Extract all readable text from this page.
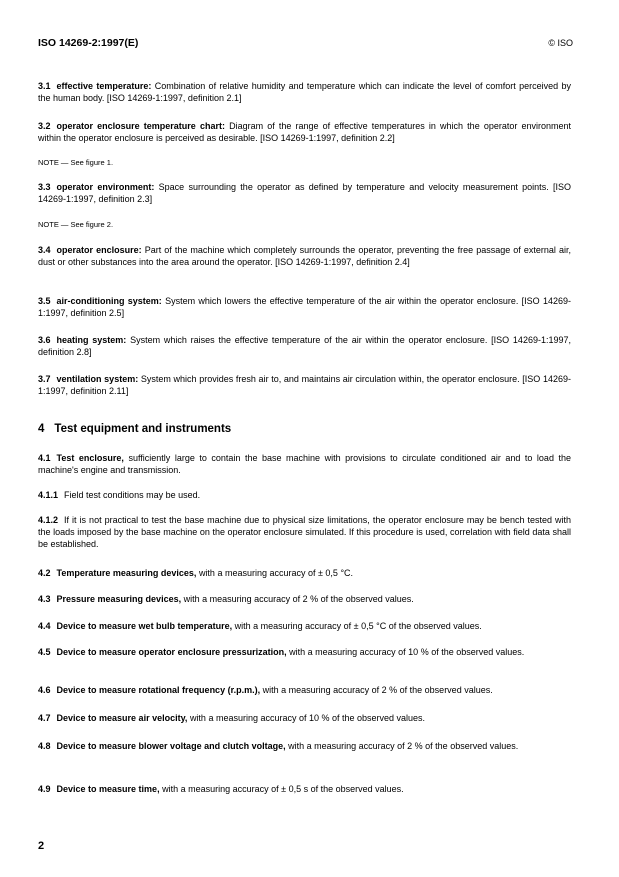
ISO 14269-2:1997(E)	© ISO
3.1 effective temperature: Combination of relative humidity and temperature which can indicate the level of comfort perceived by the human body. [ISO 14269-1:1997, definition 2.1]
3.2 operator enclosure temperature chart: Diagram of the range of effective temperatures in which the operator environment within the operator enclosure is perceived as desirable. [ISO 14269-1:1997, definition 2.2]
NOTE — See figure 1.
3.3 operator environment: Space surrounding the operator as defined by temperature and velocity measurement points. [ISO 14269-1:1997, definition 2.3]
NOTE — See figure 2.
3.4 operator enclosure: Part of the machine which completely surrounds the operator, preventing the free passage of external air, dust or other substances into the area around the operator. [ISO 14269-1:1997, definition 2.4]
3.5 air-conditioning system: System which lowers the effective temperature of the air within the operator enclosure. [ISO 14269-1:1997, definition 2.5]
3.6 heating system: System which raises the effective temperature of the air within the operator enclosure. [ISO 14269-1:1997, definition 2.8]
3.7 ventilation system: System which provides fresh air to, and maintains air circulation within, the operator enclosure. [ISO 14269-1:1997, definition 2.11]
4 Test equipment and instruments
4.1 Test enclosure, sufficiently large to contain the base machine with provisions to circulate conditioned air and to load the machine's engine and transmission.
4.1.1 Field test conditions may be used.
4.1.2 If it is not practical to test the base machine due to physical size limitations, the operator enclosure may be bench tested with the loads imposed by the base machine on the operator enclosure simulated. If this procedure is used, correlation with field data shall be established.
4.2 Temperature measuring devices, with a measuring accuracy of ± 0,5 °C.
4.3 Pressure measuring devices, with a measuring accuracy of 2 % of the observed values.
4.4 Device to measure wet bulb temperature, with a measuring accuracy of ± 0,5 °C of the observed values.
4.5 Device to measure operator enclosure pressurization, with a measuring accuracy of 10 % of the observed values.
4.6 Device to measure rotational frequency (r.p.m.), with a measuring accuracy of 2 % of the observed values.
4.7 Device to measure air velocity, with a measuring accuracy of 10 % of the observed values.
4.8 Device to measure blower voltage and clutch voltage, with a measuring accuracy of 2 % of the observed values.
4.9 Device to measure time, with a measuring accuracy of ± 0,5 s of the observed values.
2
